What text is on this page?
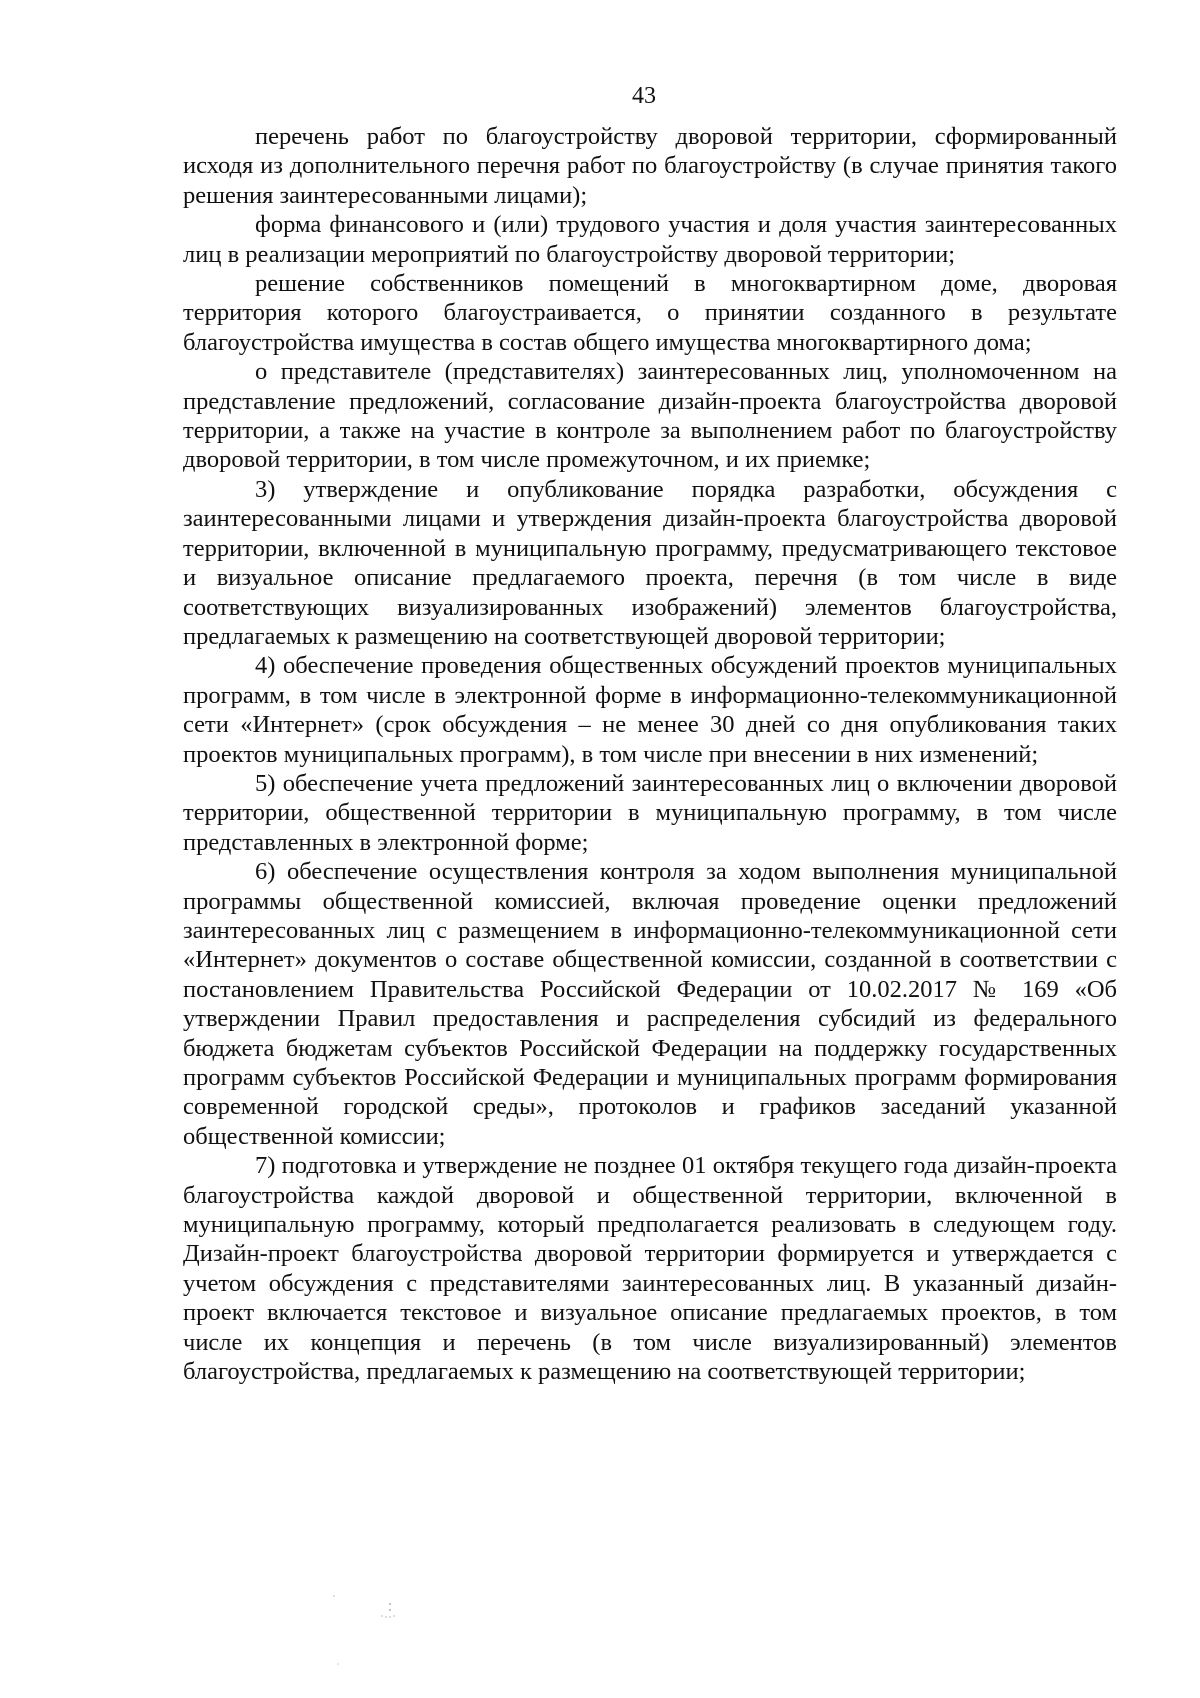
43

перечень работ по благоустройству дворовой территории, сформированный исходя из дополнительного перечня работ по благоустройству (в случае принятия такого решения заинтересованными лицами);

форма финансового и (или) трудового участия и доля участия заинтересованных лиц в реализации мероприятий по благоустройству дворовой территории;

решение собственников помещений в многоквартирном доме, дворовая территория которого благоустраивается, о принятии созданного в результате благоустройства имущества в состав общего имущества многоквартирного дома;

о представителе (представителях) заинтересованных лиц, уполномоченном на представление предложений, согласование дизайн-проекта благоустройства дворовой территории, а также на участие в контроле за выполнением работ по благоустройству дворовой территории, в том числе промежуточном, и их приемке;

3) утверждение и опубликование порядка разработки, обсуждения с заинтересованными лицами и утверждения дизайн-проекта благоустройства дворовой территории, включенной в муниципальную программу, предусматривающего текстовое и визуальное описание предлагаемого проекта, перечня (в том числе в виде соответствующих визуализированных изображений) элементов благоустройства, предлагаемых к размещению на соответствующей дворовой территории;

4) обеспечение проведения общественных обсуждений проектов муниципальных программ, в том числе в электронной форме в информационно-телекоммуникационной сети «Интернет» (срок обсуждения – не менее 30 дней со дня опубликования таких проектов муниципальных программ), в том числе при внесении в них изменений;

5) обеспечение учета предложений заинтересованных лиц о включении дворовой территории, общественной территории в муниципальную программу, в том числе представленных в электронной форме;

6) обеспечение осуществления контроля за ходом выполнения муниципальной программы общественной комиссией, включая проведение оценки предложений заинтересованных лиц с размещением в информационно-телекоммуникационной сети «Интернет» документов о составе общественной комиссии, созданной в соответствии с постановлением Правительства Российской Федерации от 10.02.2017 № 169 «Об утверждении Правил предоставления и распределения субсидий из федерального бюджета бюджетам субъектов Российской Федерации на поддержку государственных программ субъектов Российской Федерации и муниципальных программ формирования современной городской среды», протоколов и графиков заседаний указанной общественной комиссии;

7) подготовка и утверждение не позднее 01 октября текущего года дизайн-проекта благоустройства каждой дворовой и общественной территории, включенной в муниципальную программу, который предполагается реализовать в следующем году. Дизайн-проект благоустройства дворовой территории формируется и утверждается с учетом обсуждения с представителями заинтересованных лиц. В указанный дизайн-проект включается текстовое и визуальное описание предлагаемых проектов, в том числе их концепция и перечень (в том числе визуализированный) элементов благоустройства, предлагаемых к размещению на соответствующей территории;
